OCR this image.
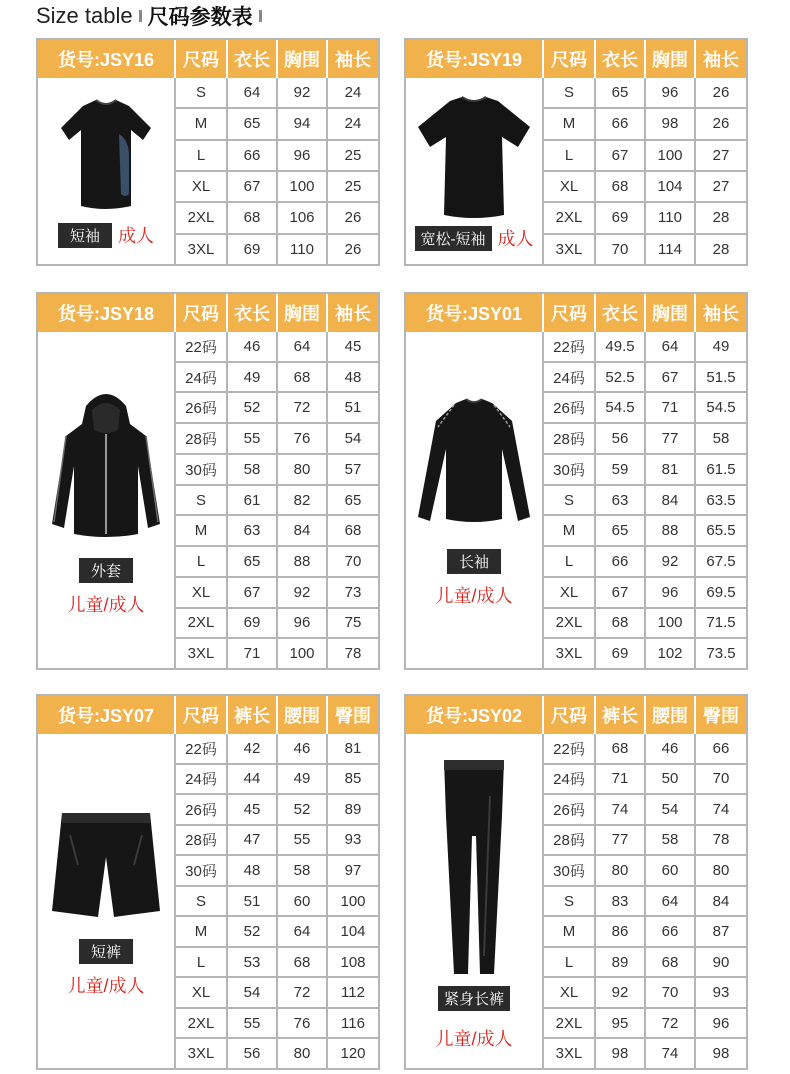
Size table 尺码参数表
货号:JSY16	尺码 衣长 胸围 袖长
短袖	成人
S	64	92	24
M	65	94	24
L	66	96	25
XL	67	100	25
2XL	68	106	26
3XL	69	110	26
货号:JSY19	尺码 衣长 胸围 袖长
宽松-短袖 成人
S	65	96	26
M	66	98	26
L	67	100	27
XL	68	104	27
2XL	69	110	28
3XL	70	114	28
货号:JSY18	尺码 衣长 胸围 袖长
外套
儿童/成人
22码	46	64	45
24码	49	68	48
26码	52	72	51
28码	55	76	54
30码	58	80	57
S	61	82	65
M	63	84	68
L	65	88	70
XL	67	92	73
2XL	69	96	75
3XL	71	100	78
货号:JSY01	尺码 衣长 胸围 袖长
长袖
儿童/成人
22码	49.5	64	49
24码	52.5	67	51.5
26码	54.5	71	54.5
28码	56	77	58
30码	59	81	61.5
S	63	84	63.5
M	65	88	65.5
L	66	92	67.5
XL	67	96	69.5
2XL	68	100	71.5
3XL	69	102	73.5
货号:JSY07	尺码 裤长 腰围 臀围
短裤
儿童/成人
22码	42	46	81
24码	44	49	85
26码	45	52	89
28码	47	55	93
30码	48	58	97
S	51	60	100
M	52	64	104
L	53	68	108
XL	54	72	112
2XL	55	76	116
3XL	56	80	120
货号:JSY02	尺码 裤长 腰围 臀围
紧身长裤
儿童/成人
22码	68	46	66
24码	71	50	70
26码	74	54	74
28码	77	58	78
30码	80	60	80
S	83	64	84
M	86	66	87
L	89	68	90
XL	92	70	93
2XL	95	72	96
3XL	98	74	98
